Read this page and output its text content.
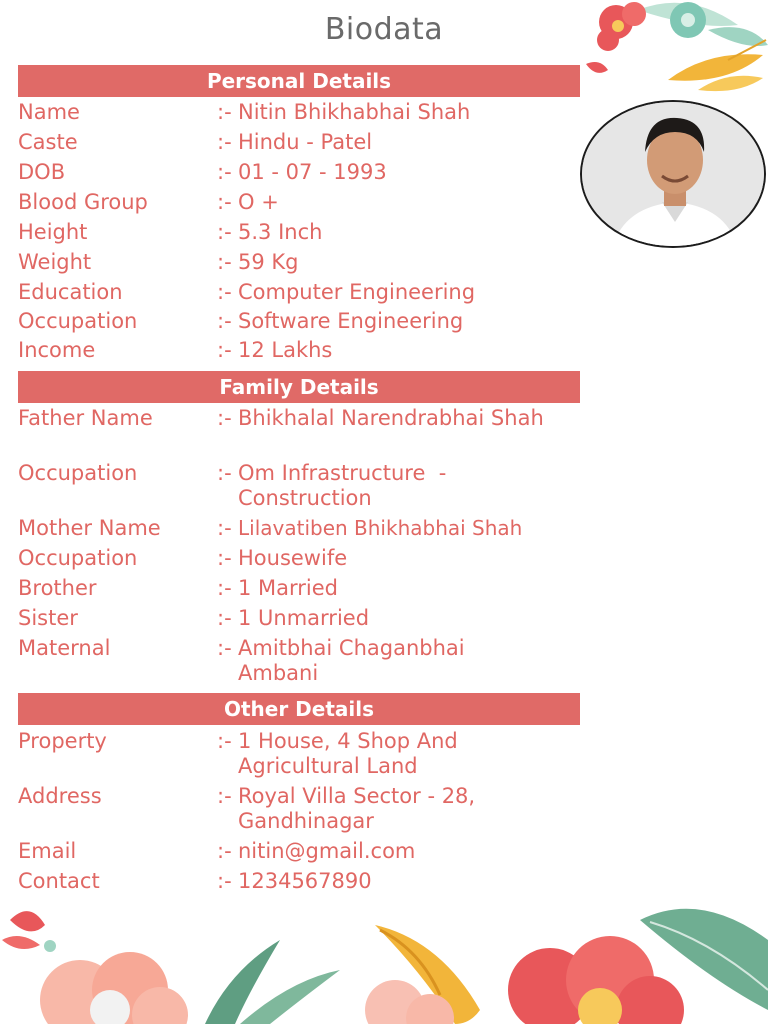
Biodata
Personal Details
Family Details
Other Details
Name	:- Nitin Bhikhabhai Shah
Caste	:- Hindu - Patel
DOB	:- 01 - 07 - 1993
Blood Group	:- O +
Height	:- 5.3 Inch
Weight	:- 59 Kg
Education	:- Computer Engineering
Occupation	:- Software Engineering
Income	:- 12 Lakhs
Father Name	:- Bhikhalal Narendrabhai Shah
Occupation	:- Om Infrastructure  - Construction
Mother Name	:- Lilavatiben Bhikhabhai Shah
Occupation	:- Housewife
Brother	:- 1 Married
Sister	:- 1 Unmarried
Maternal	:- Amitbhai Chaganbhai Ambani
Property	:- 1 House, 4 Shop And Agricultural Land
Address	:- Royal Villa Sector - 28, Gandhinagar
Email	:- nitin@gmail.com
Contact	:- 1234567890
